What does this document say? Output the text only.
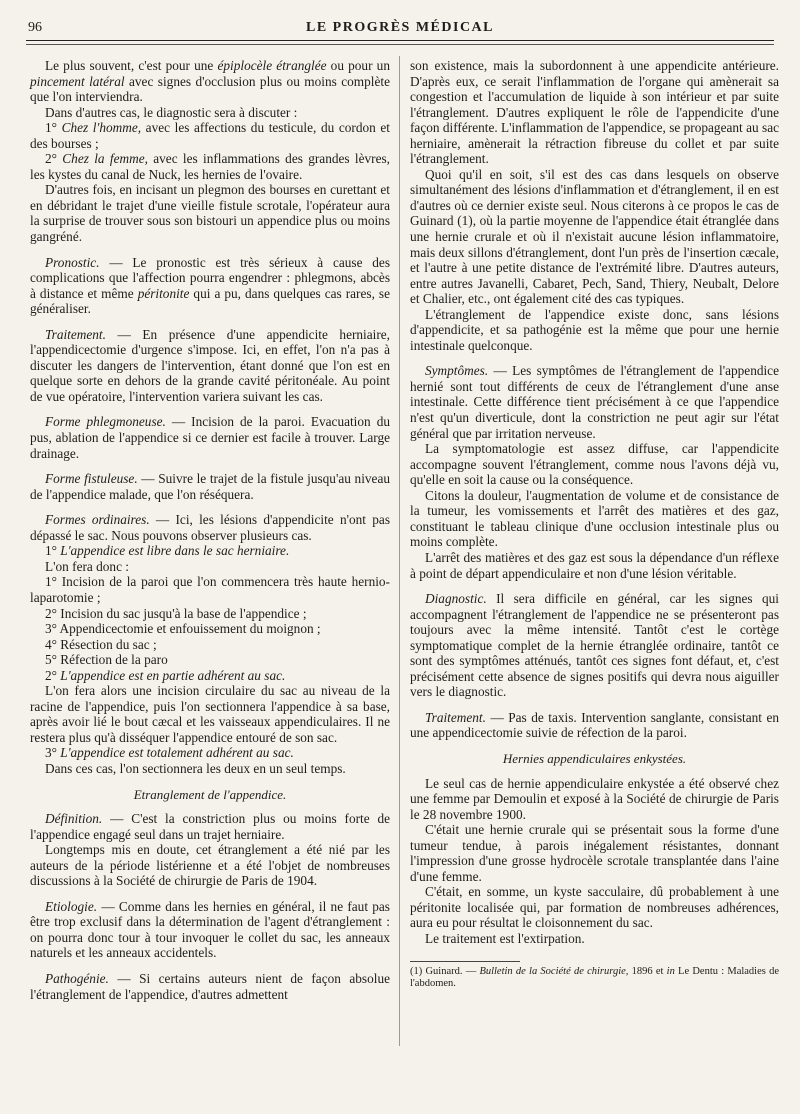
96	LE PROGRÈS MÉDICAL

Le plus souvent, c'est pour une épiplocèle étranglée ou pour un pincement latéral avec signes d'occlusion plus ou moins complète que l'on interviendra.

Dans d'autres cas, le diagnostic sera à discuter :

1° Chez l'homme, avec les affections du testicule, du cordon et des bourses ;

2° Chez la femme, avec les inflammations des grandes lèvres, les kystes du canal de Nuck, les hernies de l'ovaire.

D'autres fois, en incisant un plegmon des bourses en curettant et en débridant le trajet d'une vieille fistule scrotale, l'opérateur aura la surprise de trouver sous son bistouri un appendice plus ou moins gangréné.

Pronostic. — Le pronostic est très sérieux à cause des complications que l'affection pourra engendrer : phlegmons, abcès à distance et même péritonite qui a pu, dans quelques cas rares, se généraliser.

Traitement. — En présence d'une appendicite herniaire, l'appendicectomie d'urgence s'impose. Ici, en effet, l'on n'a pas à discuter les dangers de l'intervention, étant donné que l'on est en quelque sorte en dehors de la grande cavité péritonéale. Au point de vue opératoire, l'intervention variera suivant les cas.

Forme phlegmoneuse. — Incision de la paroi. Evacuation du pus, ablation de l'appendice si ce dernier est facile à trouver. Large drainage.

Forme fistuleuse. — Suivre le trajet de la fistule jusqu'au niveau de l'appendice malade, que l'on réséquera.

Formes ordinaires. — Ici, les lésions d'appendicite n'ont pas dépassé le sac. Nous pouvons observer plusieurs cas.

1° L'appendice est libre dans le sac herniaire.

L'on fera donc :

1° Incision de la paroi que l'on commencera très haute hernio-laparotomie ;

2° Incision du sac jusqu'à la base de l'appendice ;

3° Appendicectomie et enfouissement du moignon ;

4° Résection du sac ;

5° Réfection de la paro

2° L'appendice est en partie adhérent au sac.

L'on fera alors une incision circulaire du sac au niveau de la racine de l'appendice, puis l'on sectionnera l'appendice à sa base, après avoir lié le bout cæcal et les vaisseaux appendiculaires. Il ne restera plus qu'à disséquer l'appendice entouré de son sac.

3° L'appendice est totalement adhérent au sac.

Dans ces cas, l'on sectionnera les deux en un seul temps.

Etranglement de l'appendice.

Définition. — C'est la constriction plus ou moins forte de l'appendice engagé seul dans un trajet herniaire.

Longtemps mis en doute, cet étranglement a été nié par les auteurs de la période listérienne et a été l'objet de nombreuses discussions à la Société de chirurgie de Paris de 1904.

Etiologie. — Comme dans les hernies en général, il ne faut pas être trop exclusif dans la détermination de l'agent d'étranglement : on pourra donc tour à tour invoquer le collet du sac, les anneaux naturels et les anneaux accidentels.

Pathogénie. — Si certains auteurs nient de façon absolue l'étranglement de l'appendice, d'autres admettent

son existence, mais la subordonnent à une appendicite antérieure. D'après eux, ce serait l'inflammation de l'organe qui amènerait sa congestion et l'accumulation de liquide à son intérieur et par suite l'étranglement. D'autres expliquent le rôle de l'appendicite d'une façon différente. L'inflammation de l'appendice, se propageant au sac herniaire, amènerait la rétraction fibreuse du collet et par suite l'étranglement.

Quoi qu'il en soit, s'il est des cas dans lesquels on observe simultanément des lésions d'inflammation et d'étranglement, il en est d'autres où ce dernier existe seul. Nous citerons à ce propos le cas de Guinard (1), où la partie moyenne de l'appendice était étranglée dans une hernie crurale et où il n'existait aucune lésion inflammatoire, mais deux sillons d'étranglement, dont l'un près de l'insertion cæcale, et l'autre à une petite distance de l'extrémité libre. D'autres auteurs, entre autres Javanelli, Cabaret, Pech, Sand, Thiery, Neubalt, Delore et Chalier, etc., ont également cité des cas typiques.

L'étranglement de l'appendice existe donc, sans lésions d'appendicite, et sa pathogénie est la même que pour une hernie intestinale quelconque.

Symptômes. — Les symptômes de l'étranglement de l'appendice hernié sont tout différents de ceux de l'étranglement d'une anse intestinale. Cette différence tient précisément à ce que l'appendice n'est qu'un diverticule, dont la constriction ne peut agir sur l'état général que par irritation nerveuse.

La symptomatologie est assez diffuse, car l'appendicite accompagne souvent l'étranglement, comme nous l'avons déjà vu, qu'elle en soit la cause ou la conséquence.

Citons la douleur, l'augmentation de volume et de consistance de la tumeur, les vomissements et l'arrêt des matières et des gaz, constituant le tableau clinique d'une occlusion intestinale plus ou moins complète.

L'arrêt des matières et des gaz est sous la dépendance d'un réflexe à point de départ appendiculaire et non d'une lésion véritable.

Diagnostic. Il sera difficile en général, car les signes qui accompagnent l'étranglement de l'appendice ne se présenteront pas toujours avec la même intensité. Tantôt c'est le cortège symptomatique complet de la hernie étranglée ordinaire, tantôt ce sont des symptômes atténués, tantôt ces signes font défaut, et, c'est précisément cette absence de signes positifs qui devra nous aiguiller vers le diagnostic.

Traitement. — Pas de taxis. Intervention sanglante, consistant en une appendicectomie suivie de réfection de la paroi.

Hernies appendiculaires enkystées.

Le seul cas de hernie appendiculaire enkystée a été observé chez une femme par Demoulin et exposé à la Société de chirurgie de Paris le 28 novembre 1900.

C'était une hernie crurale qui se présentait sous la forme d'une tumeur tendue, à parois inégalement résistantes, donnant l'impression d'une grosse hydrocèle scrotale transplantée dans l'aine d'une femme.

C'était, en somme, un kyste sacculaire, dû probablement à une péritonite localisée qui, par formation de nombreuses adhérences, aura eu pour résultat le cloisonnement du sac.

Le traitement est l'extirpation.

(1) Guinard. — Bulletin de la Société de chirurgie, 1896 et in Le Dentu : Maladies de l'abdomen.
